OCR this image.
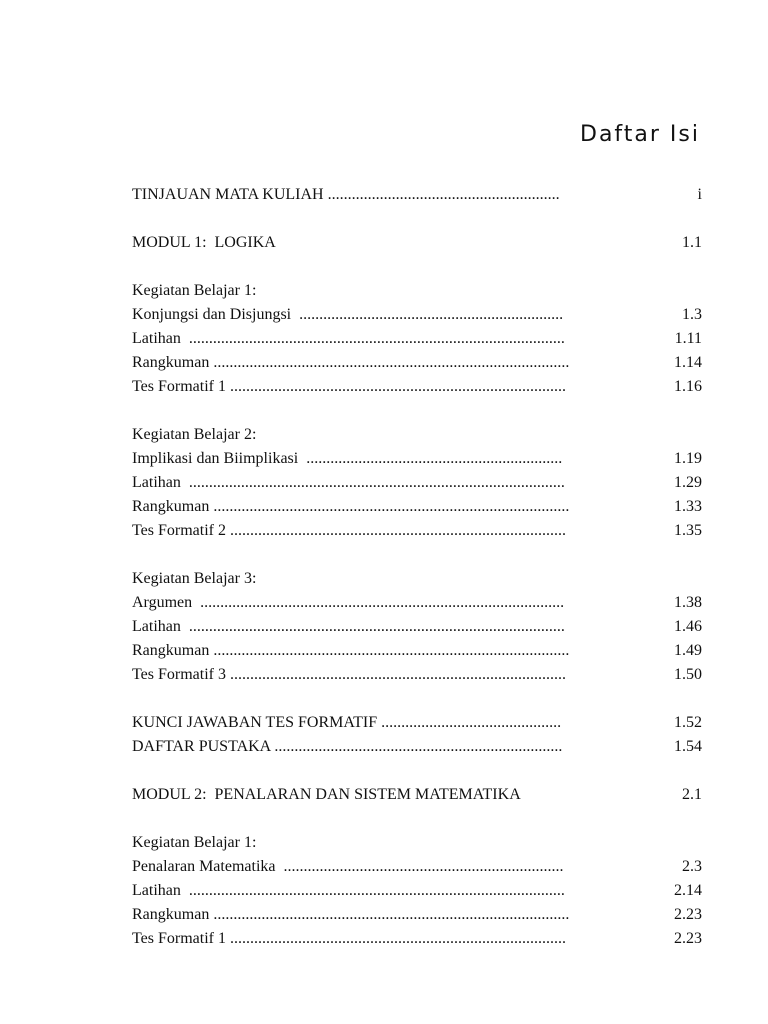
Daftar Isi
TINJAUAN MATA KULIAH ..........................................................	i
MODUL 1:  LOGIKA	1.1
Kegiatan Belajar 1:
Konjungsi dan Disjungsi  ..................................................................	1.3
Latihan  ..............................................................................................	1.11
Rangkuman .........................................................................................	1.14
Tes Formatif 1 ....................................................................................	1.16
Kegiatan Belajar 2:
Implikasi dan Biimplikasi  ................................................................	1.19
Latihan  ..............................................................................................	1.29
Rangkuman .........................................................................................	1.33
Tes Formatif 2 ....................................................................................	1.35
Kegiatan Belajar 3:
Argumen  ...........................................................................................	1.38
Latihan  ..............................................................................................	1.46
Rangkuman .........................................................................................	1.49
Tes Formatif 3 ....................................................................................	1.50
KUNCI JAWABAN TES FORMATIF .............................................	1.52
DAFTAR PUSTAKA ........................................................................	1.54
MODUL 2:  PENALARAN DAN SISTEM MATEMATIKA	2.1
Kegiatan Belajar 1:
Penalaran Matematika  ......................................................................	2.3
Latihan  ..............................................................................................	2.14
Rangkuman .........................................................................................	2.23
Tes Formatif 1 ....................................................................................	2.23
